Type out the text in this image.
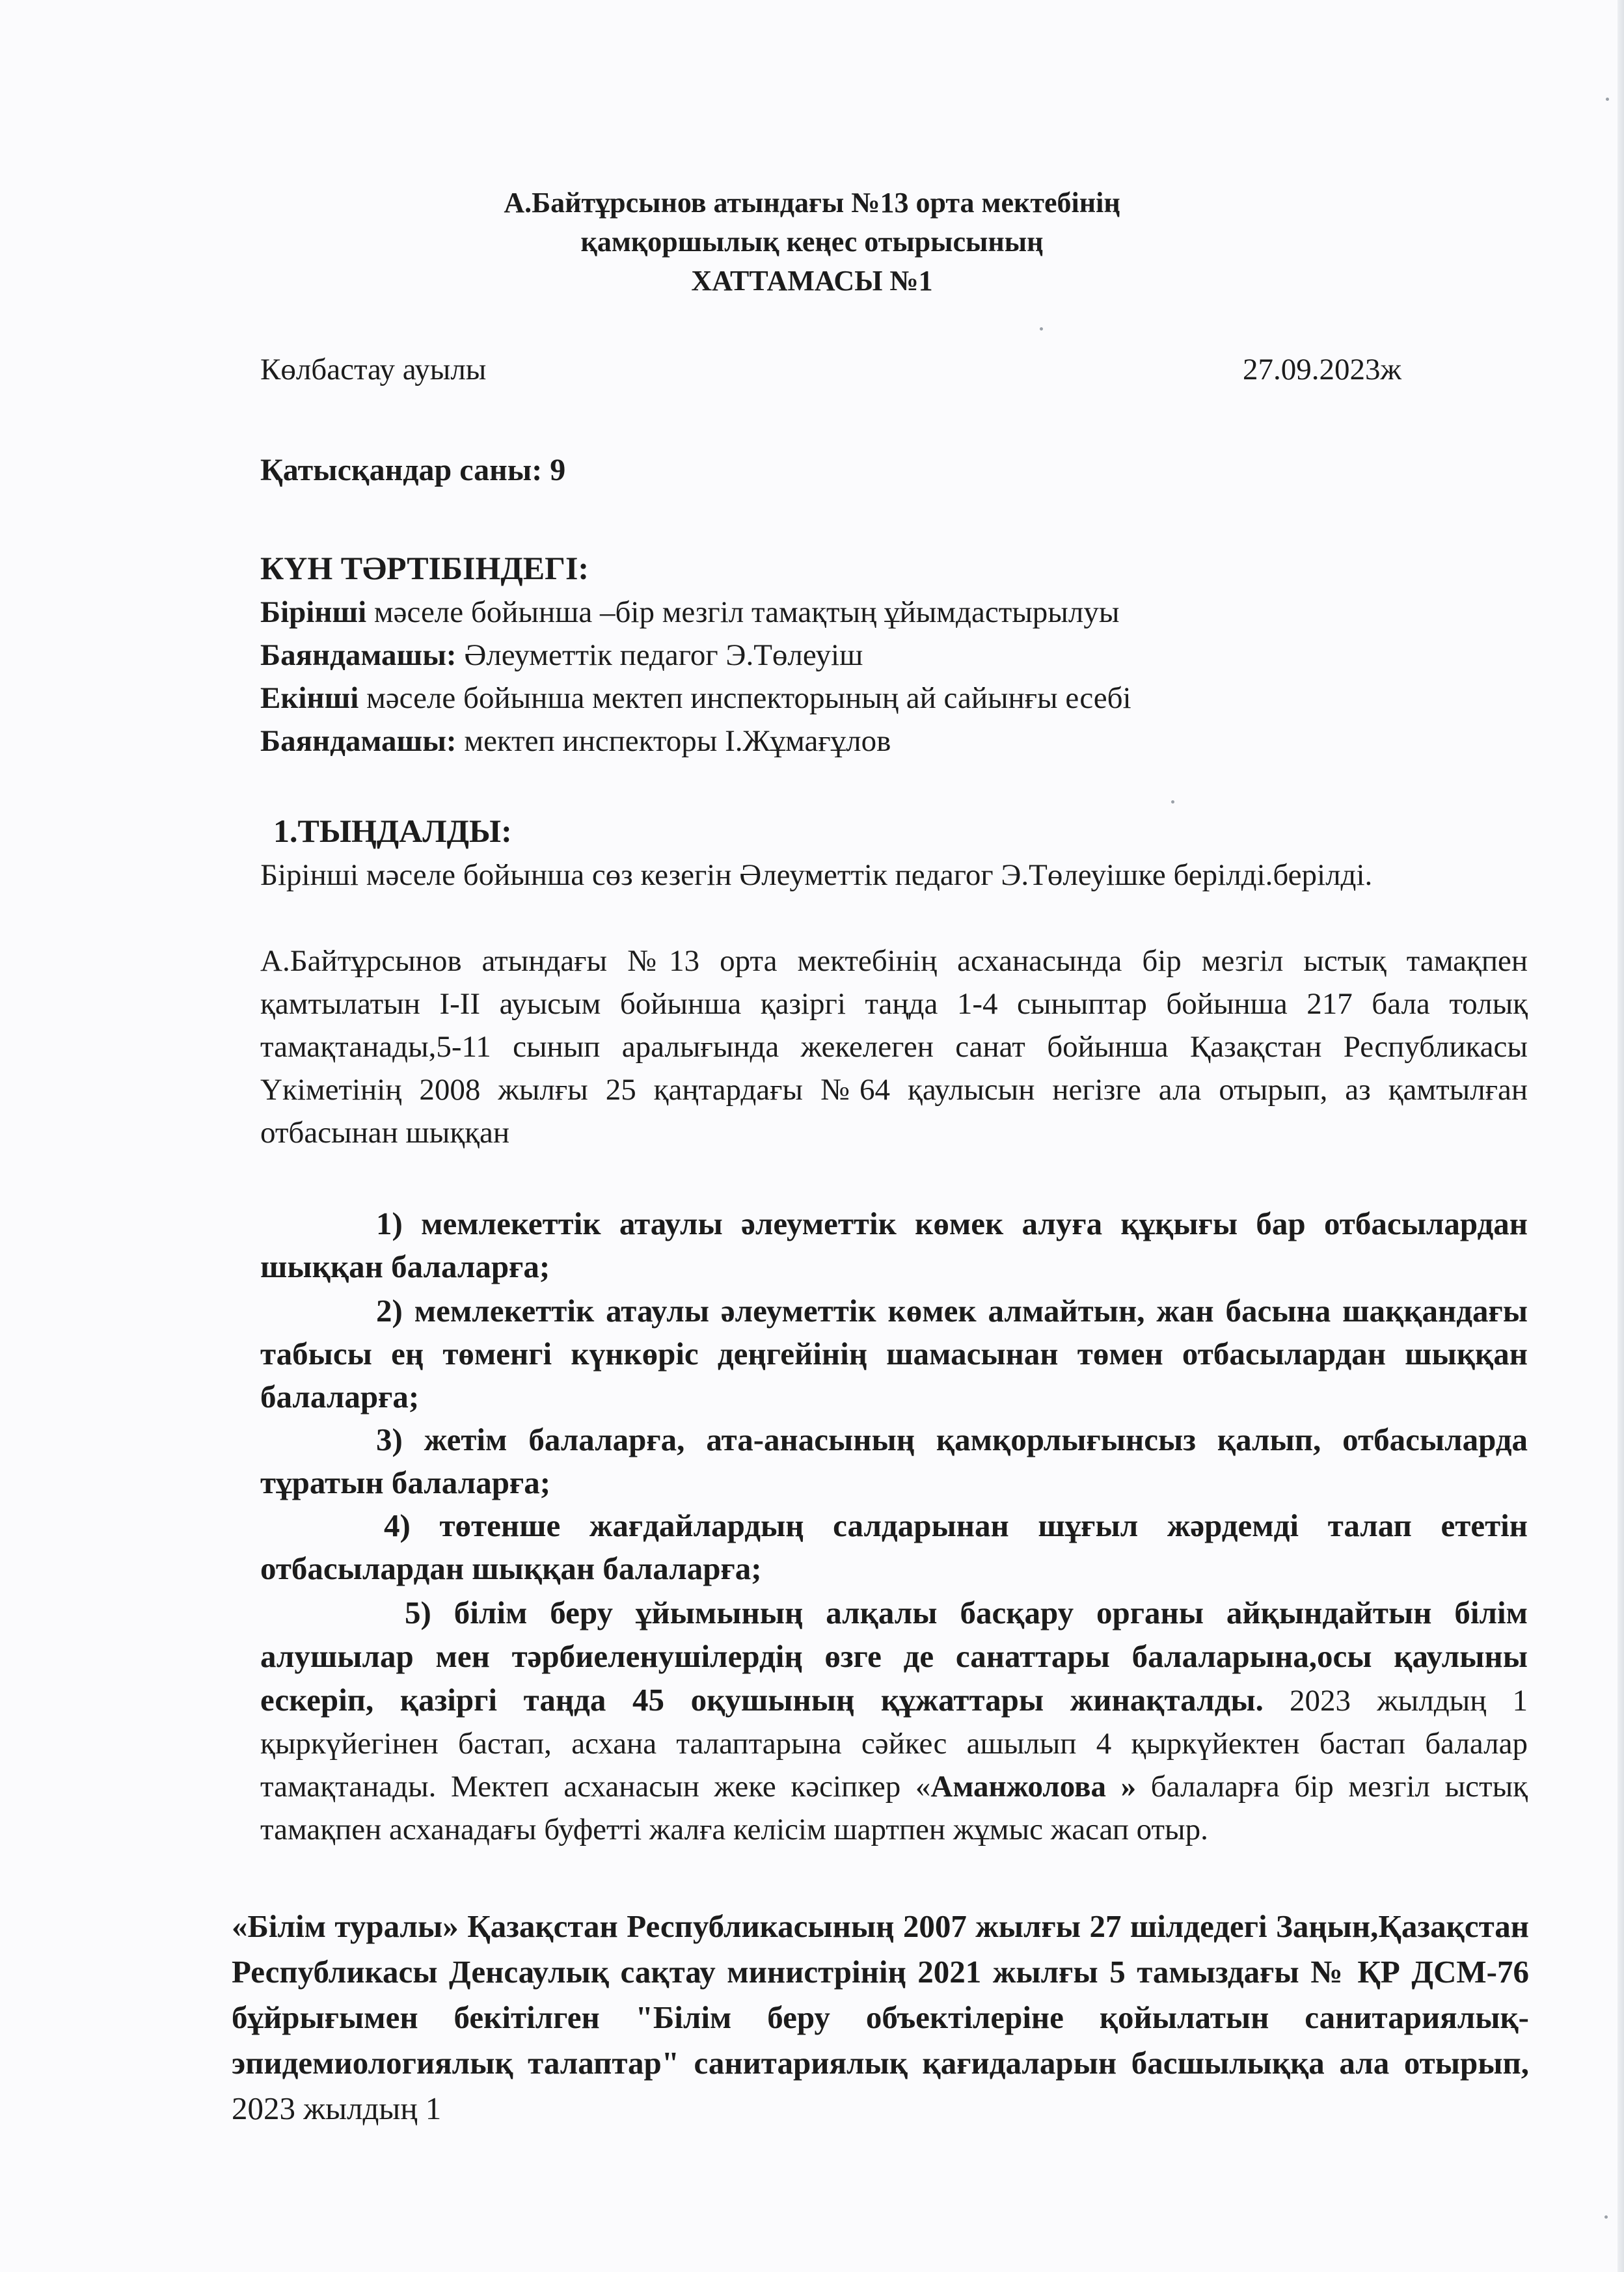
А.Байтұрсынов атындағы №13 орта мектебінің

қамқоршылық кеңес отырысының

ХАТТАМАСЫ №1

Көлбастау ауылы	27.09.2023ж

Қатысқандар саны: 9

КҮН ТӘРТІБІНДЕГІ:

Бірінші мәселе бойынша –бір мезгіл тамақтың ұйымдастырылуы

Баяндамашы: Әлеуметтік педагог Э.Төлеуіш

Екінші мәселе бойынша мектеп инспекторының ай сайынғы есебі

Баяндамашы: мектеп инспекторы І.Жұмағұлов

1.ТЫҢДАЛДЫ:

Бірінші мәселе бойынша сөз кезегін Әлеуметтік педагог Э.Төлеуішке берілді.берілді.

А.Байтұрсынов атындағы №13 орта мектебінің асханасында бір мезгіл ыстық тамақпен қамтылатын I-II ауысым бойынша қазіргі таңда 1-4 сыныптар бойынша 217 бала толық тамақтанады,5-11 сынып аралығында жекелеген санат бойынша Қазақстан Республикасы Үкіметінің 2008 жылғы 25 қаңтардағы №64 қаулысын негізге ала отырып, аз қамтылған отбасынан шыққан

1) мемлекеттік атаулы әлеуметтік көмек алуға құқығы бар отбасылардан шыққан балаларға;

2) мемлекеттік атаулы әлеуметтік көмек алмайтын, жан басына шаққандағы табысы ең төменгі күнкөріс деңгейінің шамасынан төмен отбасылардан шыққан балаларға;

3) жетім балаларға, ата-анасының қамқорлығынсыз қалып, отбасыларда тұратын балаларға;

4) төтенше жағдайлардың салдарынан шұғыл жәрдемді талап ететін отбасылардан шыққан балаларға;

5) білім беру ұйымының алқалы басқару органы айқындайтын білім алушылар мен тәрбиеленушілердің өзге де санаттары балаларына,осы қаулыны ескеріп, қазіргі таңда 45 оқушының құжаттары жинақталды. 2023 жылдың 1 қыркүйегінен бастап, асхана талаптарына сәйкес ашылып 4 қыркүйектен бастап балалар тамақтанады. Мектеп асханасын жеке кәсіпкер «Аманжолова » балаларға бір мезгіл ыстық тамақпен асханадағы буфетті жалға келісім шартпен жұмыс жасап отыр.

«Білім туралы» Қазақстан Республикасының 2007 жылғы 27 шілдедегі Заңын,Қазақстан Республикасы Денсаулық сақтау министрінің 2021 жылғы 5 тамыздағы № ҚР ДСМ-76 бұйрығымен бекітілген "Білім беру объектілеріне қойылатын санитариялық-эпидемиологиялық талаптар" санитариялық қағидаларын басшылыққа ала отырып, 2023 жылдың 1
